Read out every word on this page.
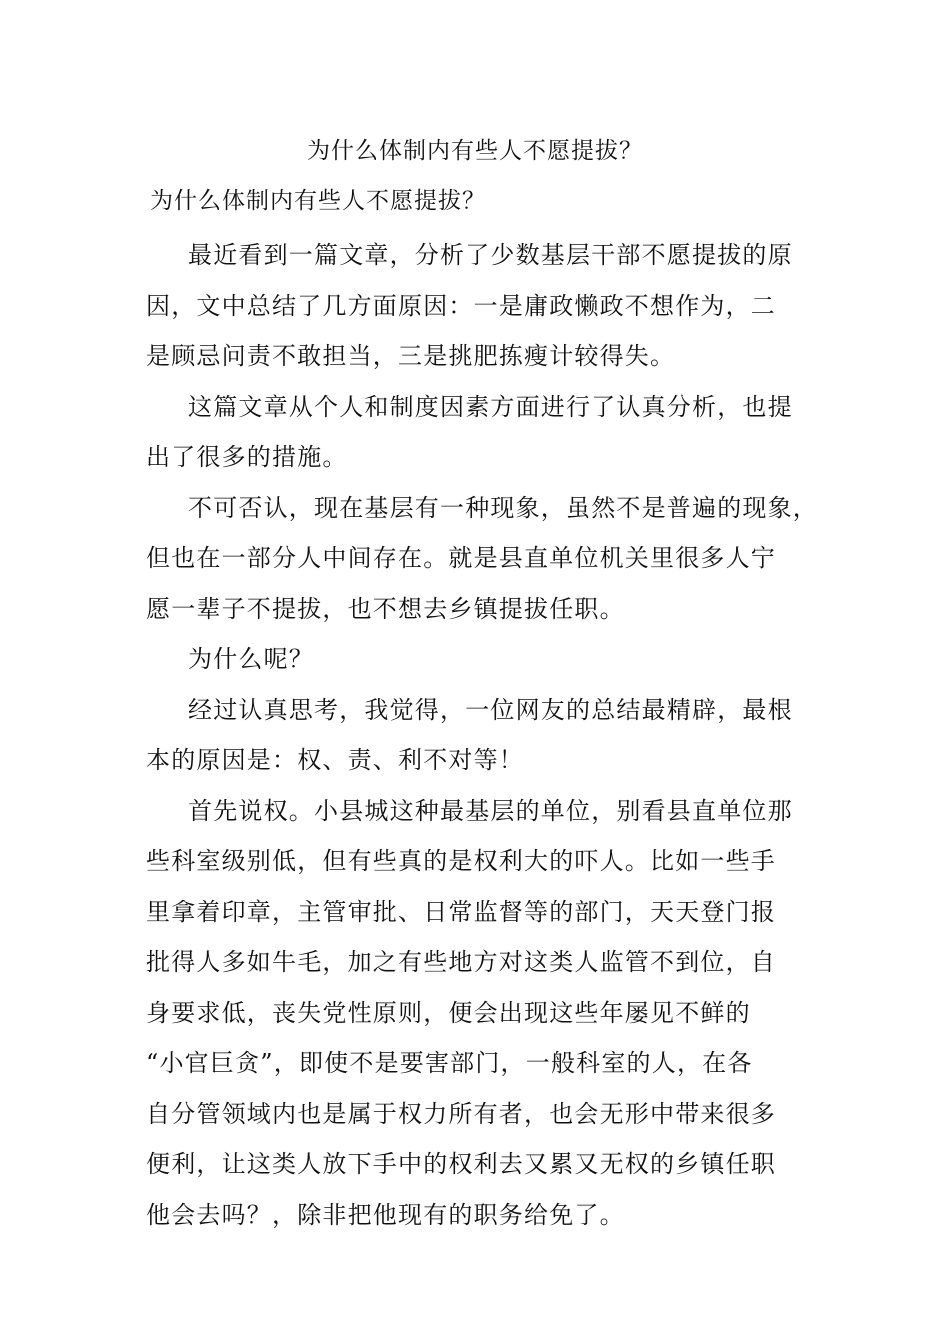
为什么体制内有些人不愿提拔？
为什么体制内有些人不愿提拔？
最近看到一篇文章，分析了少数基层干部不愿提拔的原
因，文中总结了几方面原因：一是庸政懒政不想作为，二
是顾忌问责不敢担当，三是挑肥拣瘦计较得失。
这篇文章从个人和制度因素方面进行了认真分析，也提
出了很多的措施。
不可否认，现在基层有一种现象，虽然不是普遍的现象，
但也在一部分人中间存在。就是县直单位机关里很多人宁
愿一辈子不提拔，也不想去乡镇提拔任职。
为什么呢？
经过认真思考，我觉得，一位网友的总结最精辟，最根
本的原因是：权、责、利不对等！
首先说权。小县城这种最基层的单位，别看县直单位那
些科室级别低，但有些真的是权利大的吓人。比如一些手
里拿着印章，主管审批、日常监督等的部门，天天登门报
批得人多如牛毛，加之有些地方对这类人监管不到位，自
身要求低，丧失党性原则，便会出现这些年屡见不鲜的
“小官巨贪”，即使不是要害部门，一般科室的人，在各
自分管领域内也是属于权力所有者，也会无形中带来很多
便利，让这类人放下手中的权利去又累又无权的乡镇任职
他会去吗？，除非把他现有的职务给免了。
